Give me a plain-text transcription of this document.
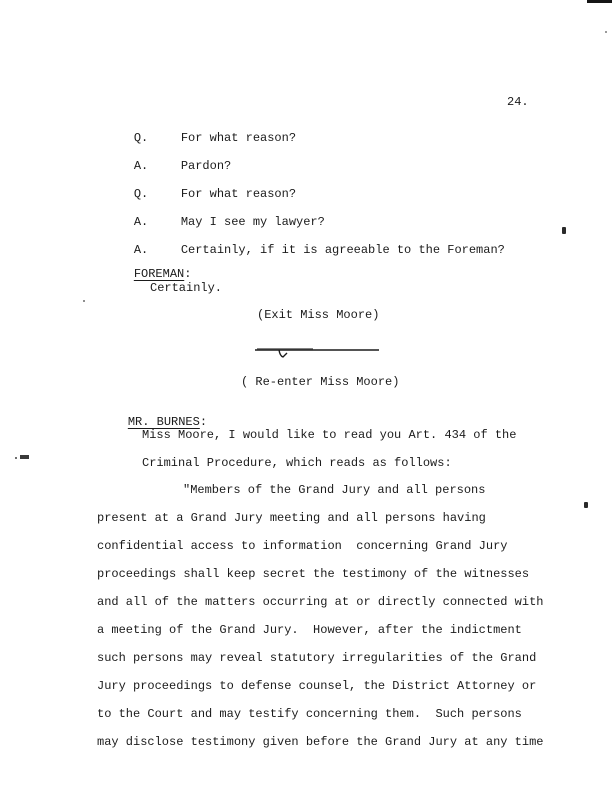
24.

Q.	For what reason?

A.	Pardon?

Q.	For what reason?

A.	May I see my lawyer?

A.	Certainly, if it is agreeable to the Foreman?

FOREMAN:

Certainly.
(Exit Miss Moore)
( Re-enter Miss Moore)

MR. BURNES:

Miss Moore, I would like to read you Art. 434 of the
Criminal Procedure, which reads as follows:
"Members of the Grand Jury and all persons
present at a Grand Jury meeting and all persons having
confidential access to information  concerning Grand Jury
proceedings shall keep secret the testimony of the witnesses
and all of the matters occurring at or directly connected with
a meeting of the Grand Jury.  However, after the indictment
such persons may reveal statutory irregularities of the Grand
Jury proceedings to defense counsel, the District Attorney or
to the Court and may testify concerning them.  Such persons
may disclose testimony given before the Grand Jury at any time
